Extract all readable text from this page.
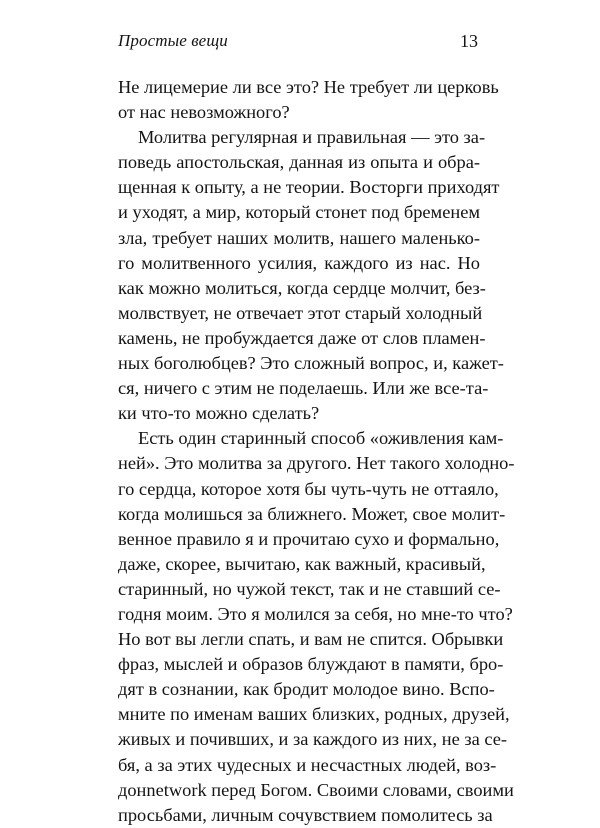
Простые вещи	13
Не лицемерие ли все это? Не требует ли церковь
от нас невозможного?
Молитва регулярная и правильная — это за-
поведь апостольская, данная из опыта и обра-
щенная к опыту, а не теории. Восторги приходят
и уходят, а мир, который стонет под бременем
зла, требует наших молитв, нашего маленько-
го молитвенного усилия, каждого из нас. Но
как можно молиться, когда сердце молчит, без-
молвствует, не отвечает этот старый холодный
камень, не пробуждается даже от слов пламен-
ных боголюбцев? Это сложный вопрос, и, кажет-
ся, ничего с этим не поделаешь. Или же все-та-
ки что-то можно сделать?
Есть один старинный способ «оживления кам-
ней». Это молитва за другого. Нет такого холодно-
го сердца, которое хотя бы чуть-чуть не оттаяло,
когда молишься за ближнего. Может, свое молит-
венное правило я и прочитаю сухо и формально,
даже, скорее, вычитаю, как важный, красивый,
старинный, но чужой текст, так и не ставший се-
годня моим. Это я молился за себя, но мне-то что?
Но вот вы легли спать, и вам не спится. Обрывки
фраз, мыслей и образов блуждают в памяти, бро-
дят в сознании, как бродит молодое вино. Вспо-
мните по именам ваших близких, родных, друзей,
живых и почивших, и за каждого из них, не за се-
бя, а за этих чудесных и несчастных людей, воз-
донnetwork перед Богом. Своими словами, своими
просьбами, личным сочувствием помолитесь за
